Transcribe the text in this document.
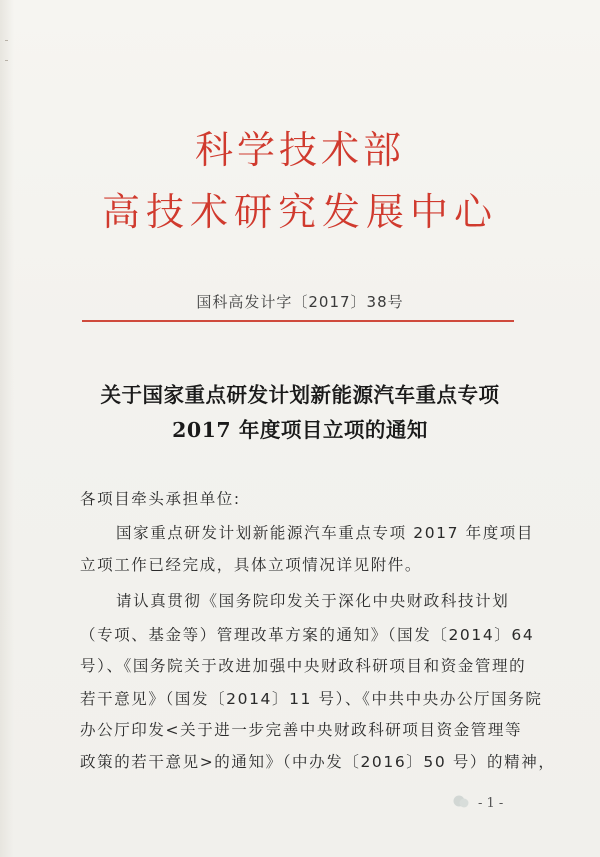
科学技术部
高技术研究发展中心
国科高发计字〔2017〕38号
关于国家重点研发计划新能源汽车重点专项
2017 年度项目立项的通知
各项目牵头承担单位:
国家重点研发计划新能源汽车重点专项 2017 年度项目
立项工作已经完成，具体立项情况详见附件。
请认真贯彻《国务院印发关于深化中央财政科技计划
（专项、基金等）管理改革方案的通知》（国发〔2014〕64
号）、《国务院关于改进加强中央财政科研项目和资金管理的
若干意见》（国发〔2014〕11 号）、《中共中央办公厅国务院
办公厅印发<关于进一步完善中央财政科研项目资金管理等
政策的若干意见>的通知》（中办发〔2016〕50 号）的精神，
- 1 -
